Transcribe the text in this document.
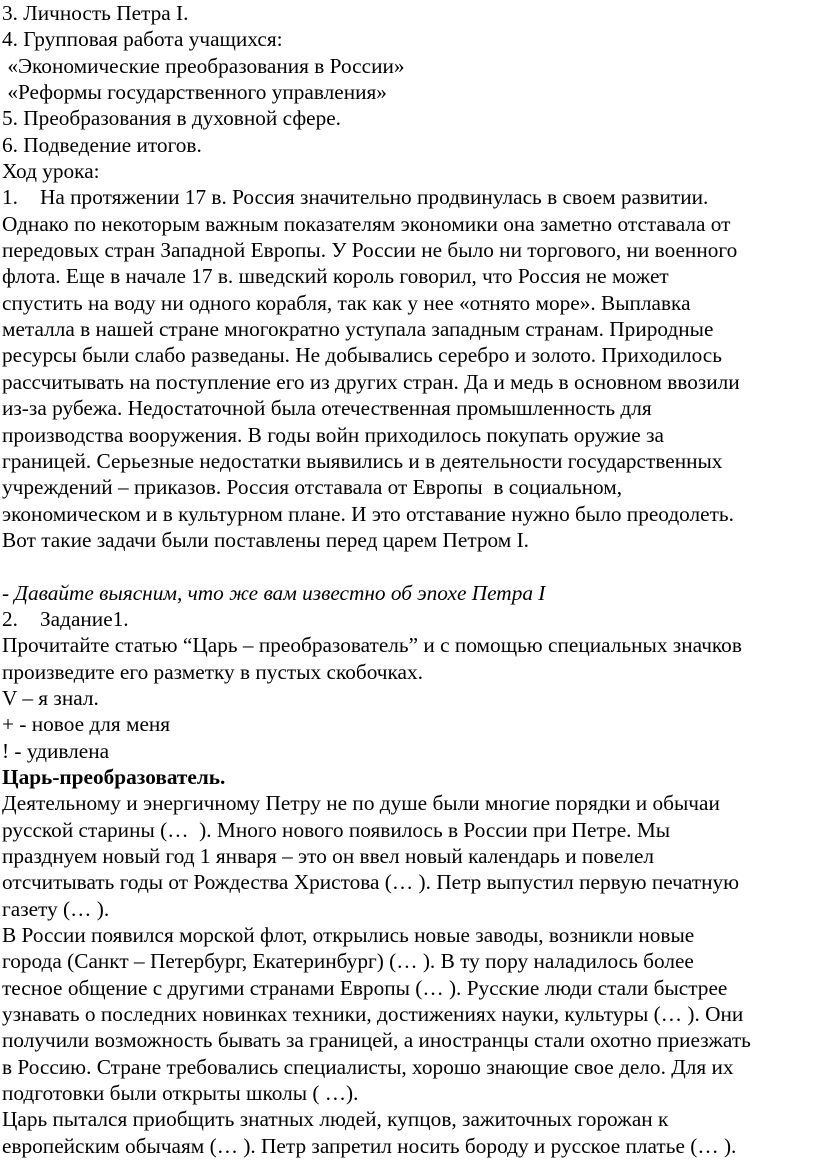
3. Личность Петра I.
4. Групповая работа учащихся:
«Экономические преобразования в России»
«Реформы государственного управления»
5. Преобразования в духовной сфере.
6. Подведение итогов.
Ход урока:
1. На протяжении 17 в. Россия значительно продвинулась в своем развитии.
Однако по некоторым важным показателям экономики она заметно отставала от
передовых стран Западной Европы. У России не было ни торгового, ни военного
флота. Еще в начале 17 в. шведский король говорил, что Россия не может
спустить на воду ни одного корабля, так как у нее «отнято море». Выплавка
металла в нашей стране многократно уступала западным странам. Природные
ресурсы были слабо разведаны. Не добывались серебро и золото. Приходилось
рассчитывать на поступление его из других стран. Да и медь в основном ввозили
из-за рубежа. Недостаточной была отечественная промышленность для
производства вооружения. В годы войн приходилось покупать оружие за
границей. Серьезные недостатки выявились и в деятельности государственных
учреждений – приказов. Россия отставала от Европы  в социальном,
экономическом и в культурном плане. И это отставание нужно было преодолеть.
Вот такие задачи были поставлены перед царем Петром I.
- Давайте выясним, что же вам известно об эпохе Петра I
2. Задание1.
Прочитайте статью “Царь – преобразователь” и с помощью специальных значков
произведите его разметку в пустых скобочках.
V – я знал.
+ - новое для меня
! - удивлена
Царь-преобразователь.
Деятельному и энергичному Петру не по душе были многие порядки и обычаи
русской старины (…  ). Много нового появилось в России при Петре. Мы
празднуем новый год 1 января – это он ввел новый календарь и повелел
отсчитывать годы от Рождества Христова (… ). Петр выпустил первую печатную
газету (… ).
В России появился морской флот, открылись новые заводы, возникли новые
города (Санкт – Петербург, Екатеринбург) (… ). В ту пору наладилось более
тесное общение с другими странами Европы (… ). Русские люди стали быстрее
узнавать о последних новинках техники, достижениях науки, культуры (… ). Они
получили возможность бывать за границей, а иностранцы стали охотно приезжать
в Россию. Стране требовались специалисты, хорошо знающие свое дело. Для их
подготовки были открыты школы ( …).
Царь пытался приобщить знатных людей, купцов, зажиточных горожан к
европейским обычаям (… ). Петр запретил носить бороду и русское платье (… ).
